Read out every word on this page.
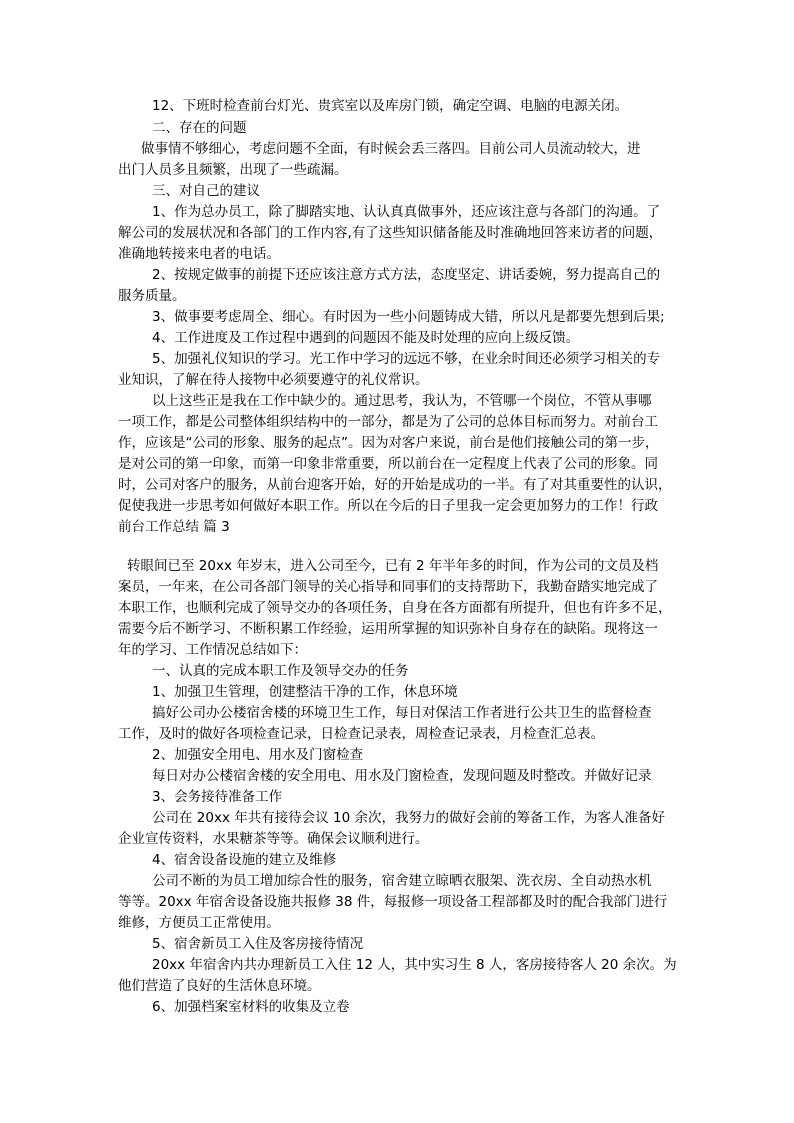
12、下班时检查前台灯光、贵宾室以及库房门锁，确定空调、电脑的电源关闭。
二、存在的问题
做事情不够细心，考虑问题不全面，有时候会丢三落四。目前公司人员流动较大，进
出门人员多且频繁，出现了一些疏漏。
三、对自己的建议
1、作为总办员工，除了脚踏实地、认认真真做事外，还应该注意与各部门的沟通。了
解公司的发展状况和各部门的工作内容,有了这些知识储备能及时准确地回答来访者的问题，
准确地转接来电者的电话。
2、按规定做事的前提下还应该注意方式方法，态度坚定、讲话委婉，努力提高自己的
服务质量。
3、做事要考虑周全、细心。有时因为一些小问题铸成大错，所以凡是都要先想到后果;
4、工作进度及工作过程中遇到的问题因不能及时处理的应向上级反馈。
5、加强礼仪知识的学习。光工作中学习的远远不够，在业余时间还必须学习相关的专
业知识，了解在待人接物中必须要遵守的礼仪常识。
以上这些正是我在工作中缺少的。通过思考，我认为，不管哪一个岗位，不管从事哪
一项工作，都是公司整体组织结构中的一部分，都是为了公司的总体目标而努力。对前台工
作，应该是“公司的形象、服务的起点”。因为对客户来说，前台是他们接触公司的第一步，
是对公司的第一印象，而第一印象非常重要，所以前台在一定程度上代表了公司的形象。同
时，公司对客户的服务，从前台迎客开始，好的开始是成功的一半。有了对其重要性的认识，
促使我进一步思考如何做好本职工作。所以在今后的日子里我一定会更加努力的工作！行政
前台工作总结 篇 3
转眼间已至 20xx 年岁末，进入公司至今，已有 2 年半年多的时间，作为公司的文员及档
案员，一年来，在公司各部门领导的关心指导和同事们的支持帮助下，我勤奋踏实地完成了
本职工作，也顺利完成了领导交办的各项任务，自身在各方面都有所提升，但也有许多不足，
需要今后不断学习、不断积累工作经验，运用所掌握的知识弥补自身存在的缺陷。现将这一
年的学习、工作情况总结如下：
一、认真的完成本职工作及领导交办的任务
1、加强卫生管理，创建整洁干净的工作，休息环境
搞好公司办公楼宿舍楼的环境卫生工作，每日对保洁工作者进行公共卫生的监督检查
工作，及时的做好各项检查记录，日检查记录表，周检查记录表，月检查汇总表。
2、加强安全用电、用水及门窗检查
每日对办公楼宿舍楼的安全用电、用水及门窗检查，发现问题及时整改。并做好记录
3、会务接待准备工作
公司在 20xx 年共有接待会议 10 余次，我努力的做好会前的筹备工作，为客人准备好
企业宣传资料，水果糖茶等等。确保会议顺利进行。
4、宿舍设备设施的建立及维修
公司不断的为员工增加综合性的服务，宿舍建立晾晒衣服架、洗衣房、全自动热水机
等等。20xx 年宿舍设备设施共报修 38 件，每报修一项设备工程部都及时的配合我部门进行
维修，方便员工正常使用。
5、宿舍新员工入住及客房接待情况
20xx 年宿舍内共办理新员工入住 12 人，其中实习生 8 人，客房接待客人 20 余次。为
他们营造了良好的生活休息环境。
6、加强档案室材料的收集及立卷
